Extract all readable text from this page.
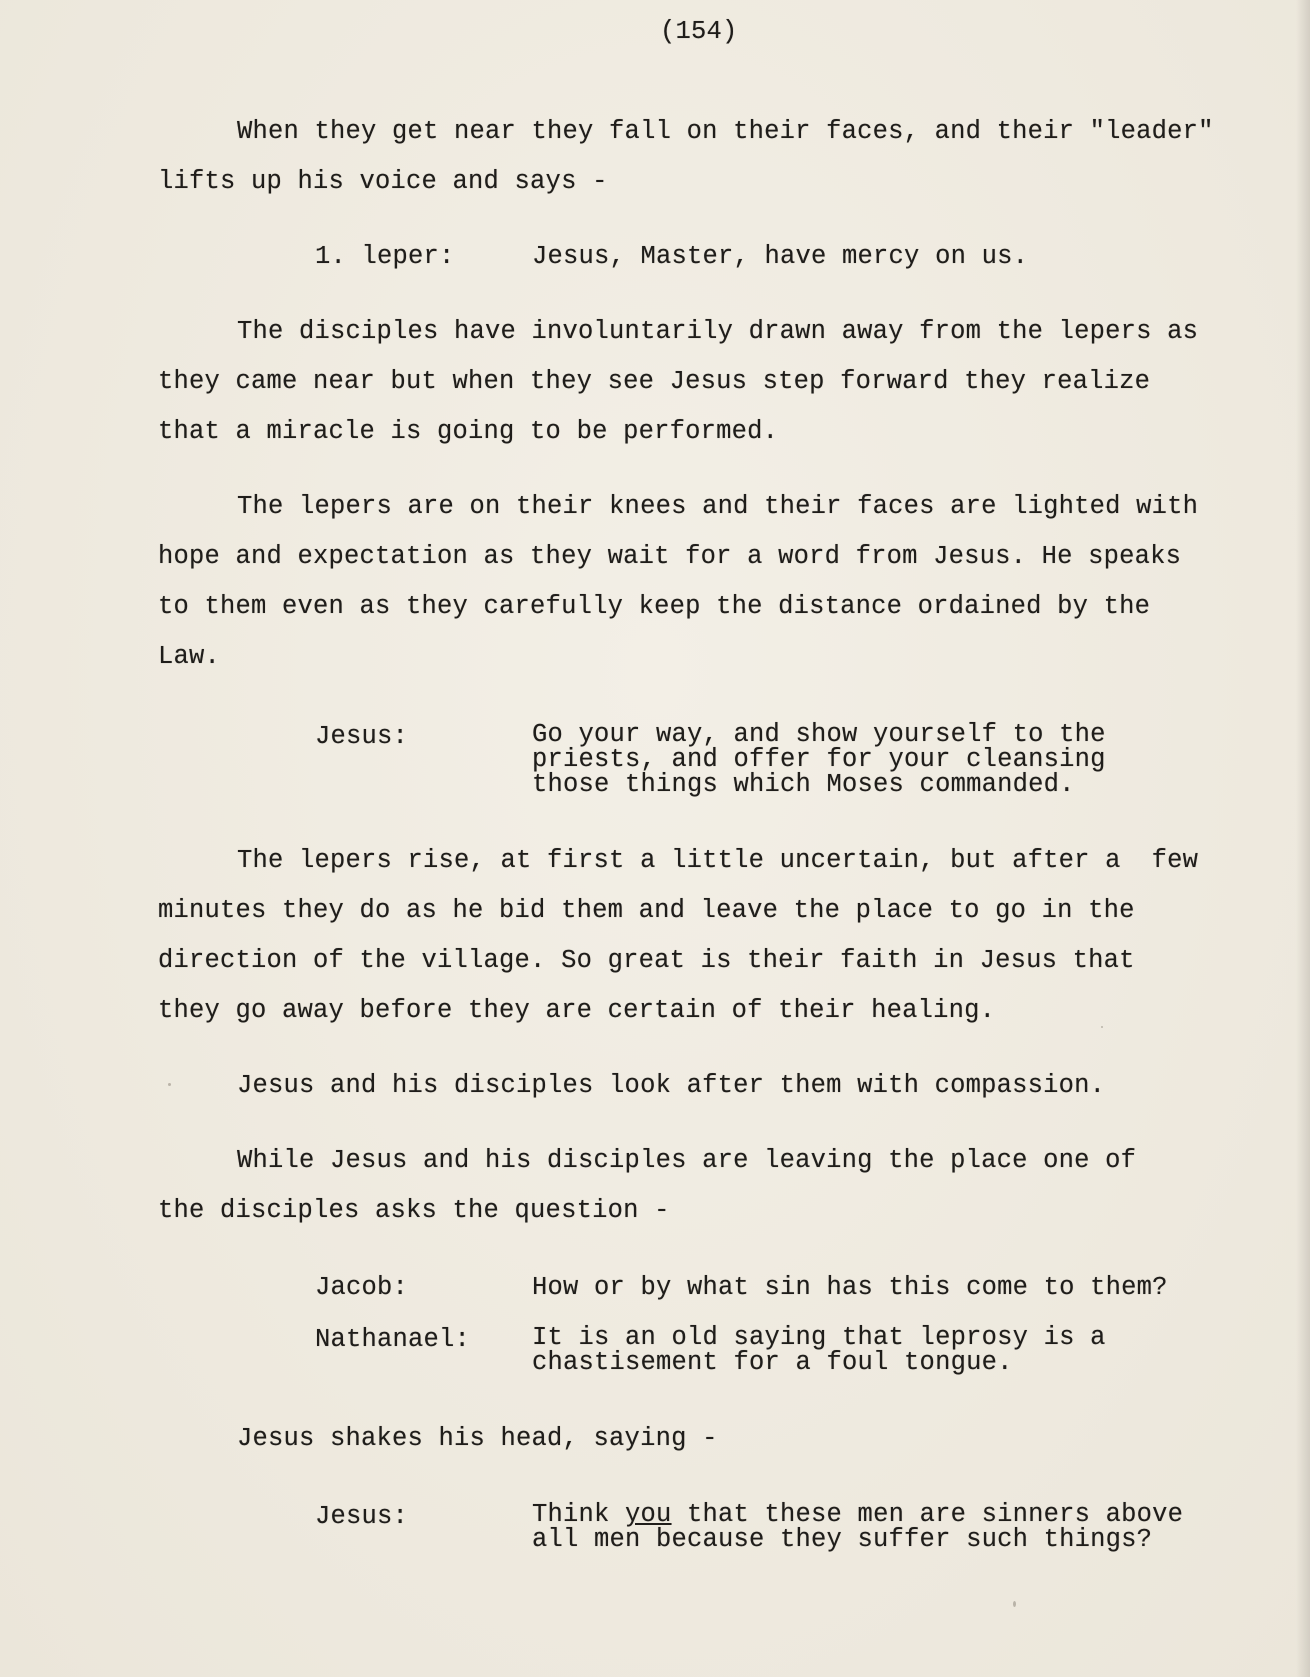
(154)
When they get near they fall on their faces, and their "leader"
lifts up his voice and says -
1. leper:	Jesus, Master, have mercy on us.
The disciples have involuntarily drawn away from the lepers as
they came near but when they see Jesus step forward they realize
that a miracle is going to be performed.
The lepers are on their knees and their faces are lighted with
hope and expectation as they wait for a word from Jesus. He speaks
to them even as they carefully keep the distance ordained by the
Law.
Jesus:	Go your way, and show yourself to the
priests, and offer for your cleansing
those things which Moses commanded.
The lepers rise, at first a little uncertain, but after a  few
minutes they do as he bid them and leave the place to go in the
direction of the village. So great is their faith in Jesus that
they go away before they are certain of their healing.
Jesus and his disciples look after them with compassion.
While Jesus and his disciples are leaving the place one of
the disciples asks the question -
Jacob:	How or by what sin has this come to them?
Nathanael: It is an old saying that leprosy is a
chastisement for a foul tongue.
Jesus shakes his head, saying -
Jesus:	Think you that these men are sinners above
all men because they suffer such things?
